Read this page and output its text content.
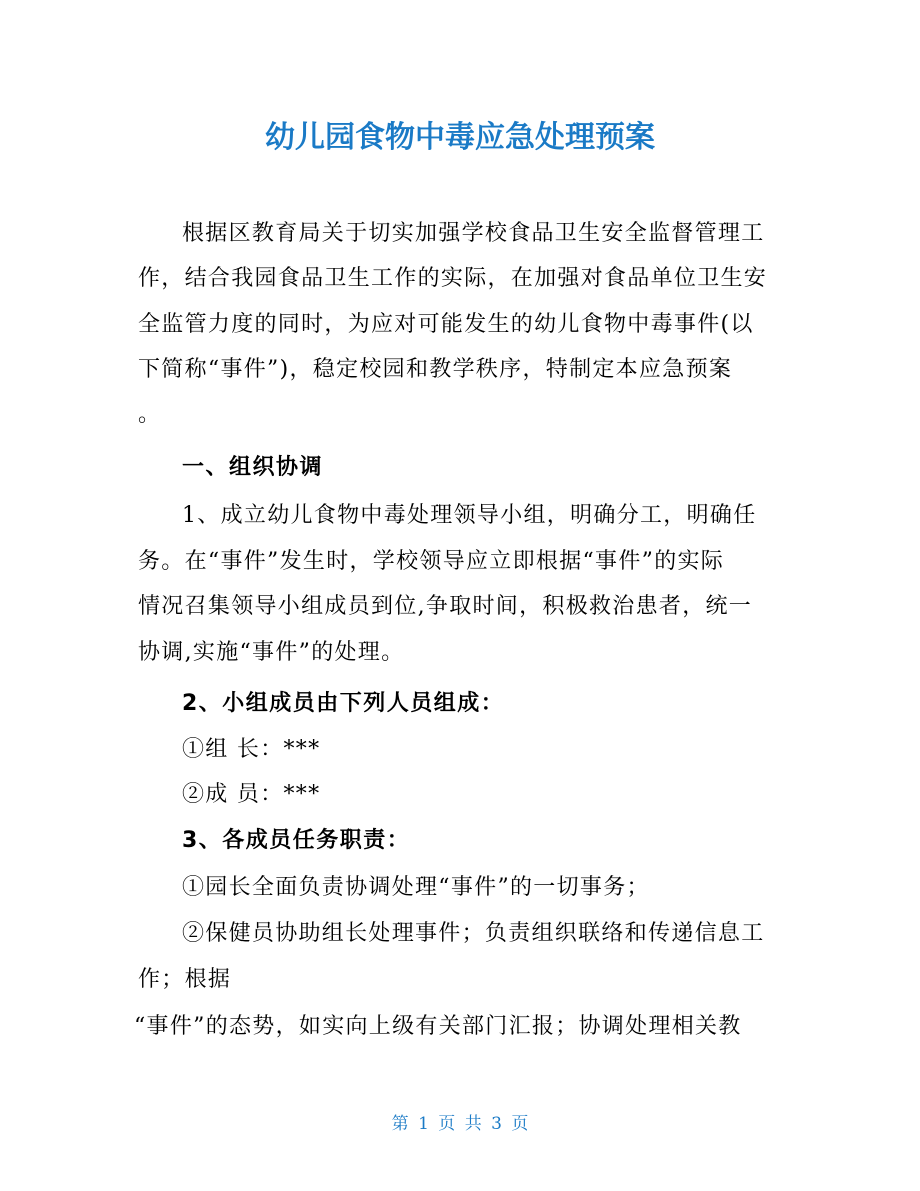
幼儿园食物中毒应急处理预案
根据区教育局关于切实加强学校食品卫生安全监督管理工
作，结合我园食品卫生工作的实际，在加强对食品单位卫生安
全监管力度的同时，为应对可能发生的幼儿食物中毒事件(以
下简称“事件”)，稳定校园和教学秩序，特制定本应急预案
。
一、组织协调
1、成立幼儿食物中毒处理领导小组，明确分工，明确任
务。在“事件”发生时，学校领导应立即根据“事件”的实际
情况召集领导小组成员到位,争取时间，积极救治患者，统一
协调,实施“事件”的处理。
2、小组成员由下列人员组成：
①组 长：***
②成 员：***
3、各成员任务职责：
①园长全面负责协调处理“事件”的一切事务；
②保健员协助组长处理事件；负责组织联络和传递信息工
作；根据
“事件”的态势，如实向上级有关部门汇报；协调处理相关教
第 1 页 共 3 页
